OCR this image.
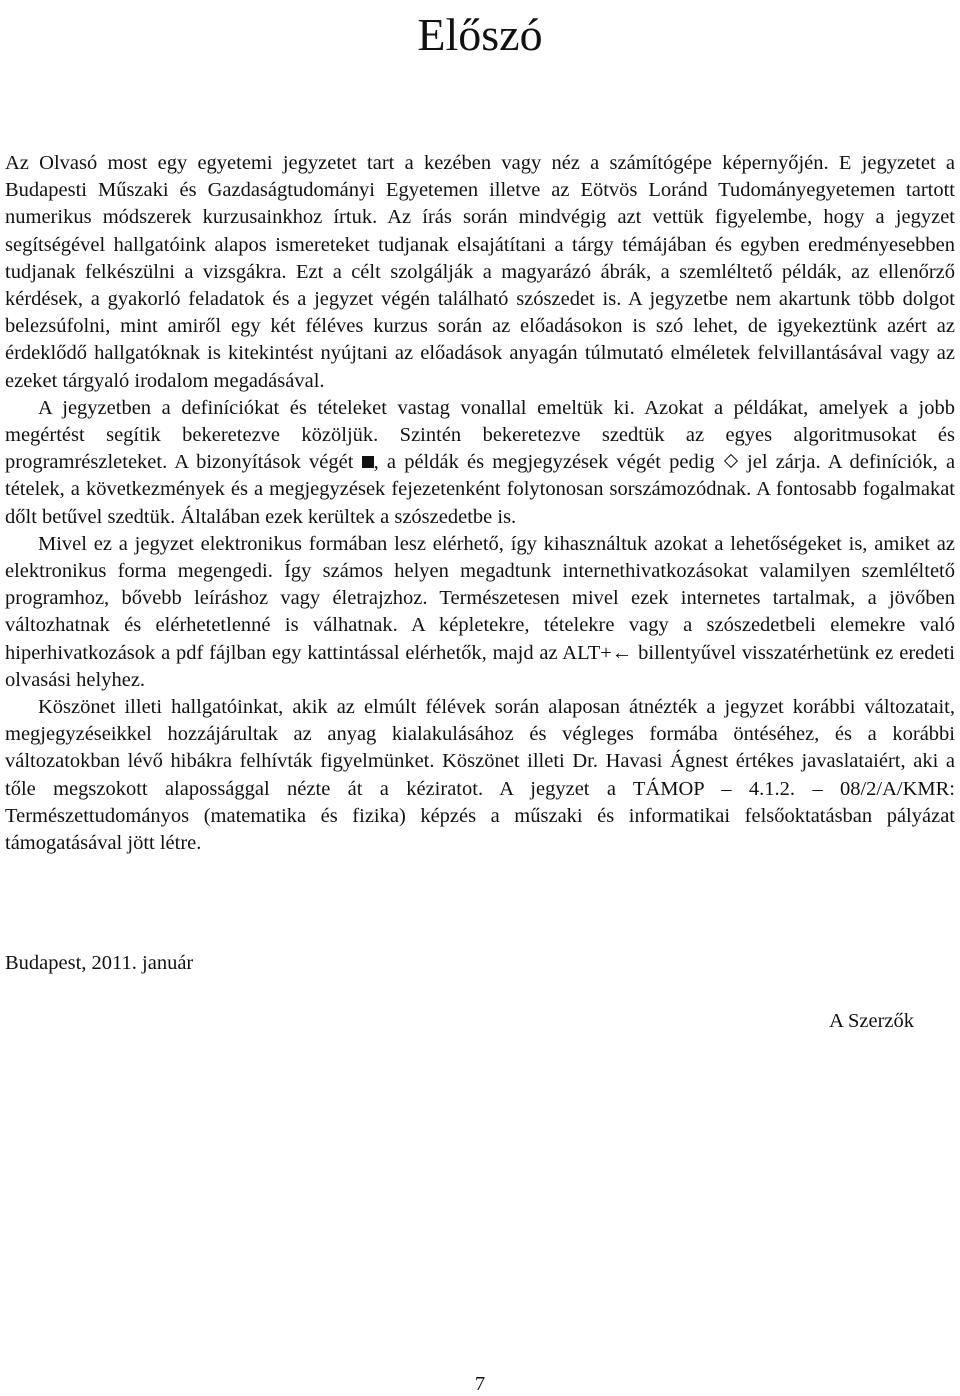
Előszó

Az Olvasó most egy egyetemi jegyzetet tart a kezében vagy néz a számítógépe képernyőjén. E jegyzetet a Budapesti Műszaki és Gazdaságtudományi Egyetemen illetve az Eötvös Loránd Tudományegyetemen tartott numerikus módszerek kurzusainkhoz írtuk. Az írás során mindvégig azt vettük figyelembe, hogy a jegyzet segítségével hallgatóink alapos ismereteket tudjanak elsajátítani a tárgy témájában és egyben eredményesebben tudjanak felkészülni a vizsgákra. Ezt a célt szolgálják a magyarázó ábrák, a szemléltető példák, az ellenőrző kérdések, a gyakorló feladatok és a jegyzet végén található szószedet is. A jegyzetbe nem akartunk több dolgot belezsúfolni, mint amiről egy két féléves kurzus során az előadásokon is szó lehet, de igyekeztünk azért az érdeklődő hallgatóknak is kitekintést nyújtani az előadások anyagán túlmutató elméletek felvillantásával vagy az ezeket tárgyaló irodalom megadásával.

A jegyzetben a definíciókat és tételeket vastag vonallal emeltük ki. Azokat a példákat, amelyek a jobb megértést segítik bekeretezve közöljük. Szintén bekeretezve szedtük az egyes algoritmusokat és programrészleteket. A bizonyítások végét , a példák és megjegyzések végét pedig jel zárja. A definíciók, a tételek, a következmények és a megjegyzések fejezetenként folytonosan sorszámozódnak. A fontosabb fogalmakat dőlt betűvel szedtük. Általában ezek kerültek a szószedetbe is.

Mivel ez a jegyzet elektronikus formában lesz elérhető, így kihasználtuk azokat a lehetőségeket is, amiket az elektronikus forma megengedi. Így számos helyen megadtunk internethivatkozásokat valamilyen szemléltető programhoz, bővebb leíráshoz vagy életrajzhoz. Természetesen mivel ezek internetes tartalmak, a jövőben változhatnak és elérhetetlenné is válhatnak. A képletekre, tételekre vagy a szószedetbeli elemekre való hiperhivatkozások a pdf fájlban egy kattintással elérhetők, majd az ALT+← billentyűvel visszatérhetünk ez eredeti olvasási helyhez.

Köszönet illeti hallgatóinkat, akik az elmúlt félévek során alaposan átnézték a jegyzet korábbi változatait, megjegyzéseikkel hozzájárultak az anyag kialakulásához és végleges formába öntéséhez, és a korábbi változatokban lévő hibákra felhívták figyelmünket. Köszönet illeti Dr. Havasi Ágnest értékes javaslataiért, aki a tőle megszokott alapossággal nézte át a kéziratot. A jegyzet a TÁMOP – 4.1.2. – 08/2/A/KMR: Természettudományos (matematika és fizika) képzés a műszaki és informatikai felsőoktatásban pályázat támogatásával jött létre.

Budapest, 2011. január
A Szerzők
7
